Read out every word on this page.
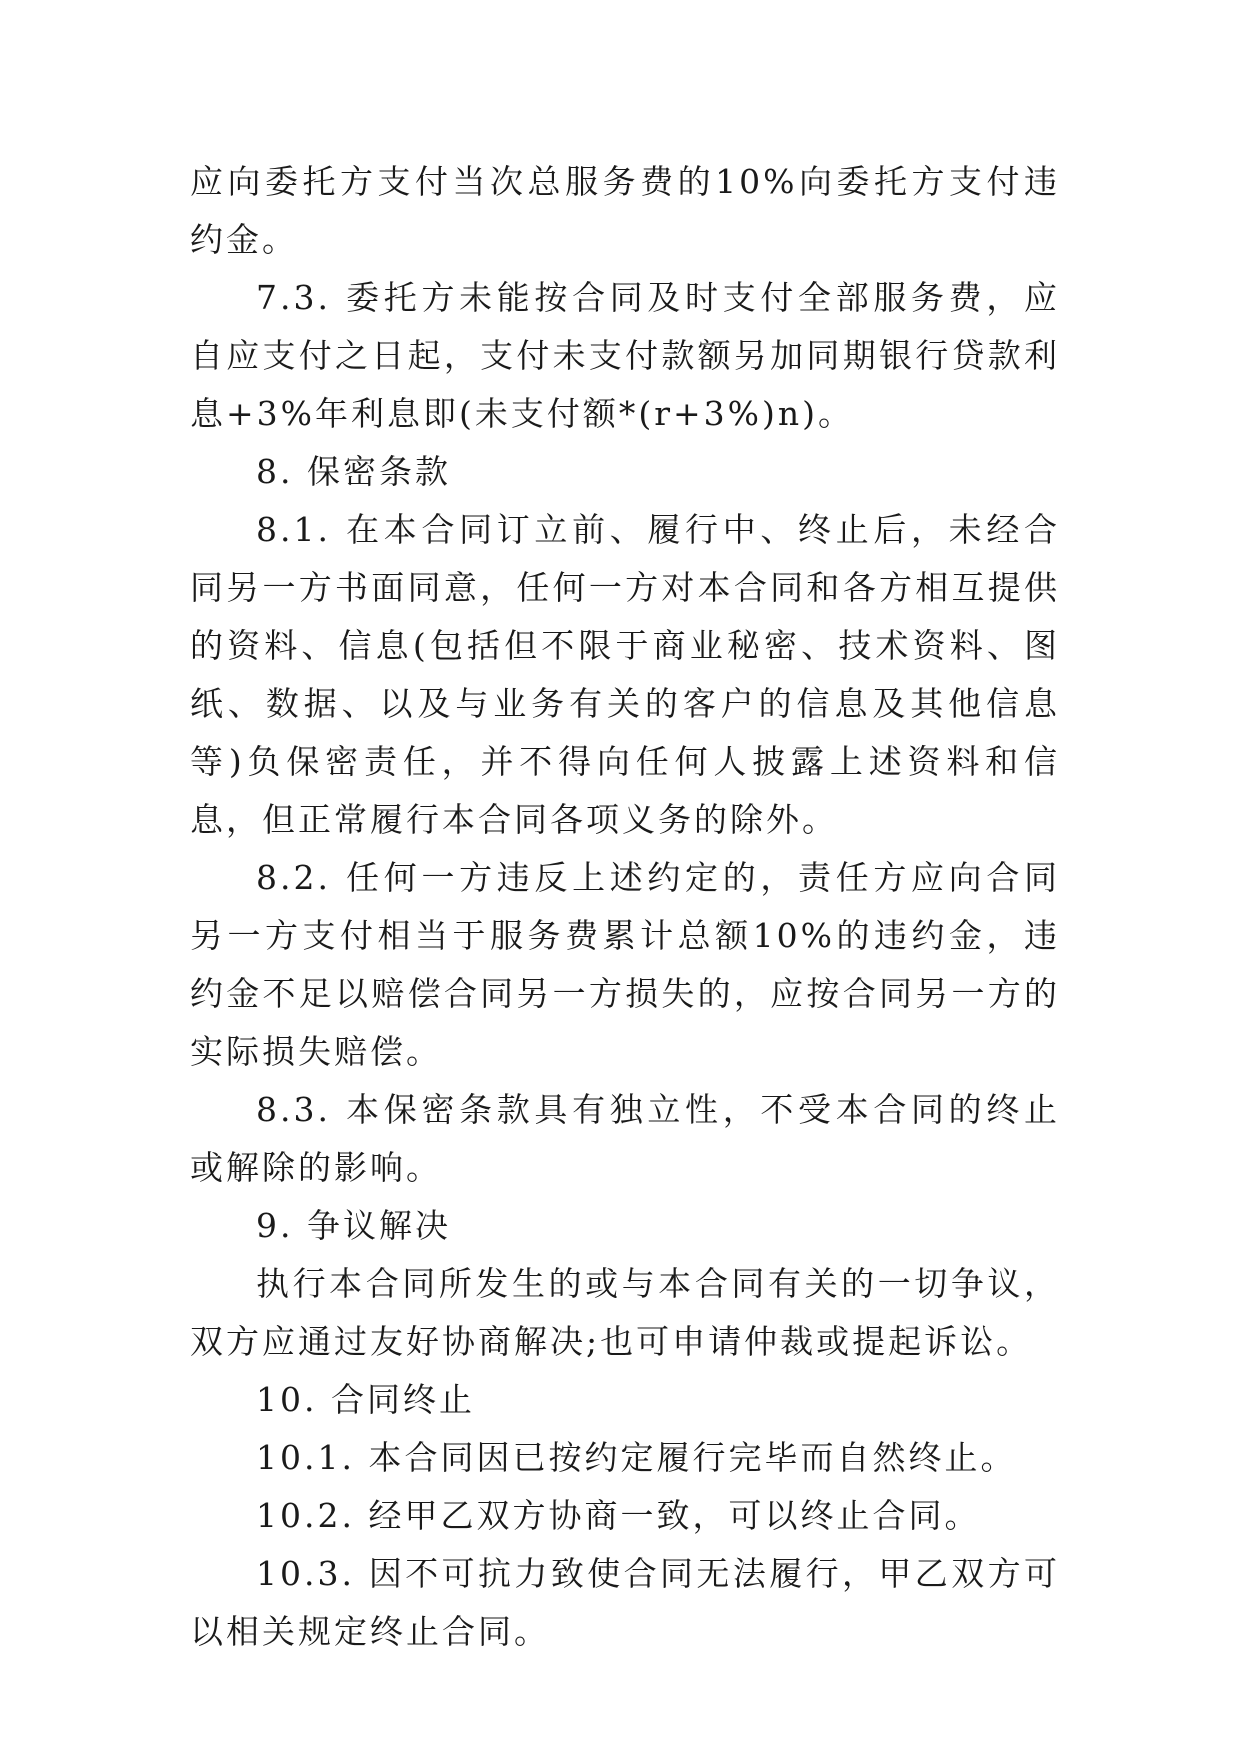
应向委托方支付当次总服务费的10%向委托方支付违约金。

7.3. 委托方未能按合同及时支付全部服务费，应自应支付之日起，支付未支付款额另加同期银行贷款利息+3%年利息即(未支付额*(r+3%)n)。

8. 保密条款

8.1. 在本合同订立前、履行中、终止后，未经合同另一方书面同意，任何一方对本合同和各方相互提供的资料、信息(包括但不限于商业秘密、技术资料、图纸、数据、以及与业务有关的客户的信息及其他信息等)负保密责任，并不得向任何人披露上述资料和信息，但正常履行本合同各项义务的除外。

8.2. 任何一方违反上述约定的，责任方应向合同另一方支付相当于服务费累计总额10%的违约金，违约金不足以赔偿合同另一方损失的，应按合同另一方的实际损失赔偿。

8.3. 本保密条款具有独立性，不受本合同的终止或解除的影响。

9. 争议解决

执行本合同所发生的或与本合同有关的一切争议，双方应通过友好协商解决;也可申请仲裁或提起诉讼。

10. 合同终止

10.1. 本合同因已按约定履行完毕而自然终止。

10.2. 经甲乙双方协商一致，可以终止合同。

10.3. 因不可抗力致使合同无法履行，甲乙双方可以相关规定终止合同。
